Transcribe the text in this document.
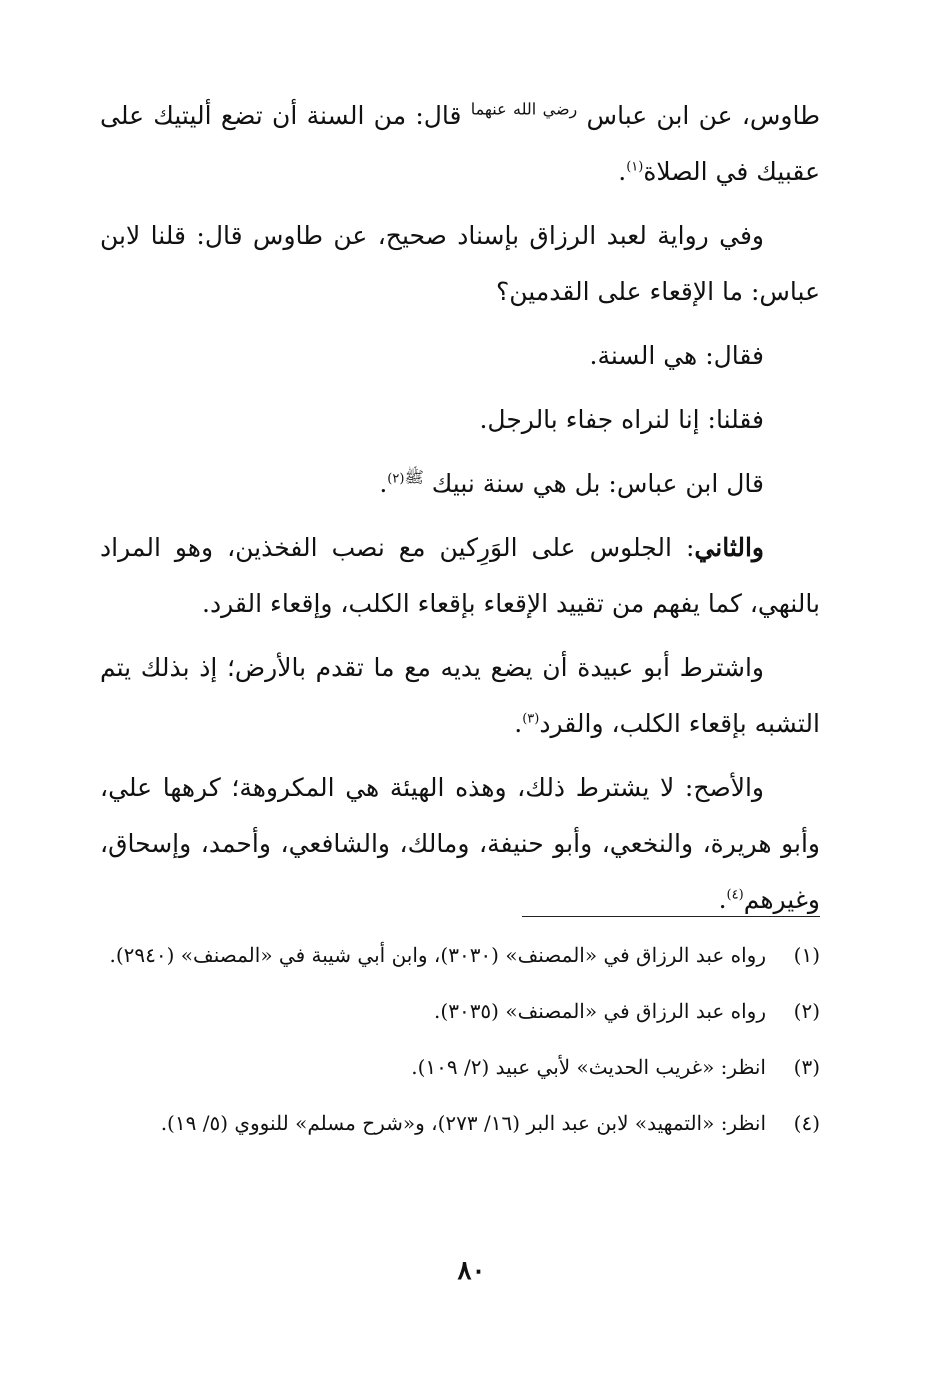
طاوس، عن ابن عباس $^{رضي الله عنهما}$ قال: من السنة أن تضع أليتيك على عقبيك في الصلاة$^{(١)}$.

وفي رواية لعبد الرزاق بإسناد صحيح، عن طاوس قال: قلنا لابن عباس: ما الإقعاء على القدمين؟

فقال: هي السنة.

فقلنا: إنا لنراه جفاء بالرجل.

قال ابن عباس: بل هي سنة نبيك $^{ﷺ(٢)}$.

والثاني: الجلوس على الوَرِكين مع نصب الفخذين، وهو المراد بالنهي، كما يفهم من تقييد الإقعاء بإقعاء الكلب، وإقعاء القرد.

واشترط أبو عبيدة أن يضع يديه مع ما تقدم بالأرض؛ إذ بذلك يتم التشبه بإقعاء الكلب، والقرد$^{(٣)}$.

والأصح: لا يشترط ذلك، وهذه الهيئة هي المكروهة؛ كرهها علي، وأبو هريرة، والنخعي، وأبو حنيفة، ومالك، والشافعي، وأحمد، وإسحاق، وغيرهم$^{(٤)}$.

(١)
رواه عبد الرزاق في «المصنف» (٣٠٣٠)، وابن أبي شيبة في «المصنف» (٢٩٤٠).
(٢)
رواه عبد الرزاق في «المصنف» (٣٠٣٥).
(٣)
انظر: «غريب الحديث» لأبي عبيد (٢/ ١٠٩).
(٤)
انظر: «التمهيد» لابن عبد البر (١٦/ ٢٧٣)، و«شرح مسلم» للنووي (٥/ ١٩).
٨٠
